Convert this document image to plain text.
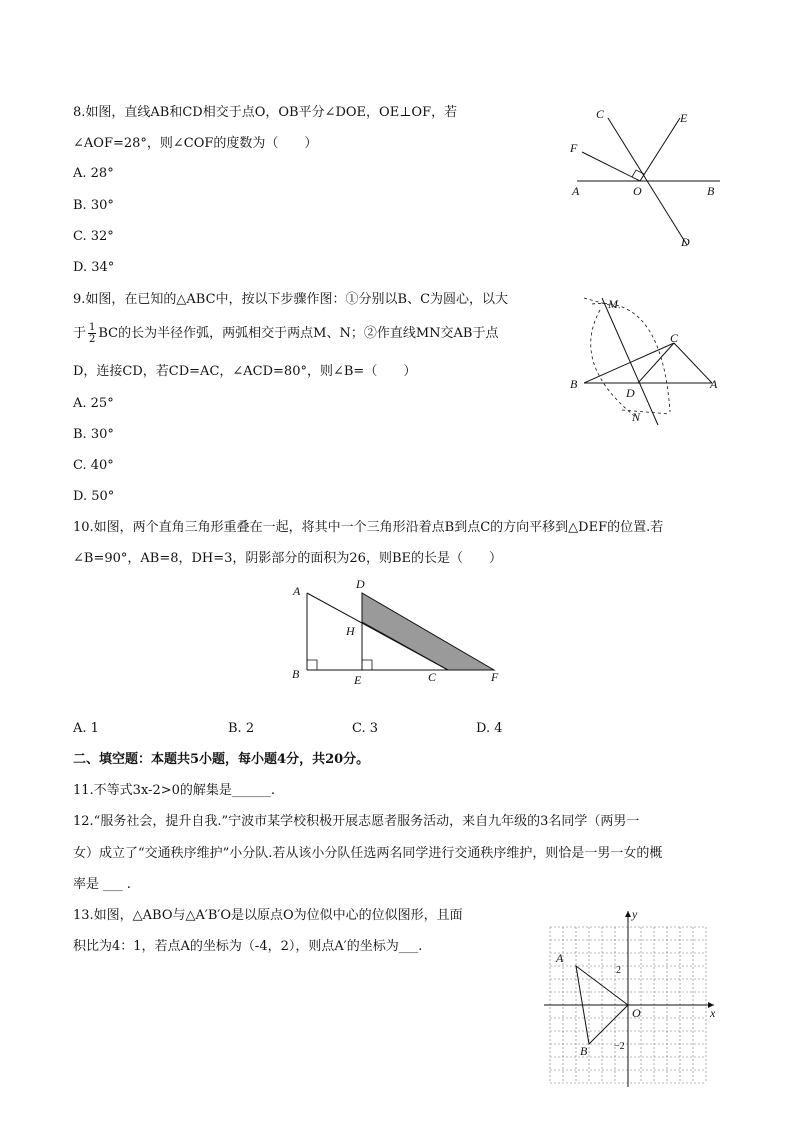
8.如图，直线AB和CD相交于点O，OB平分∠DOE，OE⊥OF，若
∠AOF=28°，则∠COF的度数为（　　）
A. 28°
B. 30°
C. 32°
D. 34°
C	E
F
A	O	B
D
9.如图，在已知的△ABC中，按以下步骤作图：①分别以B、C为圆心，以大
于 $\frac{1}{2}$ BC的长为半径作弧，两弧相交于两点M、N；②作直线MN交AB于点
D，连接CD，若CD=AC，∠ACD=80°，则∠B=（　　）
A. 25°
B. 30°
C. 40°
D. 50°
M
C
B	A
D
N
10.如图，两个直角三角形重叠在一起，将其中一个三角形沿着点B到点C的方向平移到△DEF的位置.若
∠B=90°，AB=8，DH=3，阴影部分的面积为26，则BE的长是（　　）
A	D
H
B	E	C	F
A. 1	B. 2	C. 3	D. 4
二、填空题：本题共5小题，每小题4分，共20分。
11.不等式3x-2>0的解集是______.
12.“服务社会，提升自我.”宁波市某学校积极开展志愿者服务活动，来自九年级的3名同学（两男一
女）成立了“交通秩序维护”小分队.若从该小分队任选两名同学进行交通秩序维护，则恰是一男一女的概
率是 ___ .
13.如图，△ABO与△A′B′O是以原点O为位似中心的位似图形，且面
积比为4：1，若点A的坐标为（-4，2），则点A′的坐标为___.
y
x
A
O
B
2
−2
